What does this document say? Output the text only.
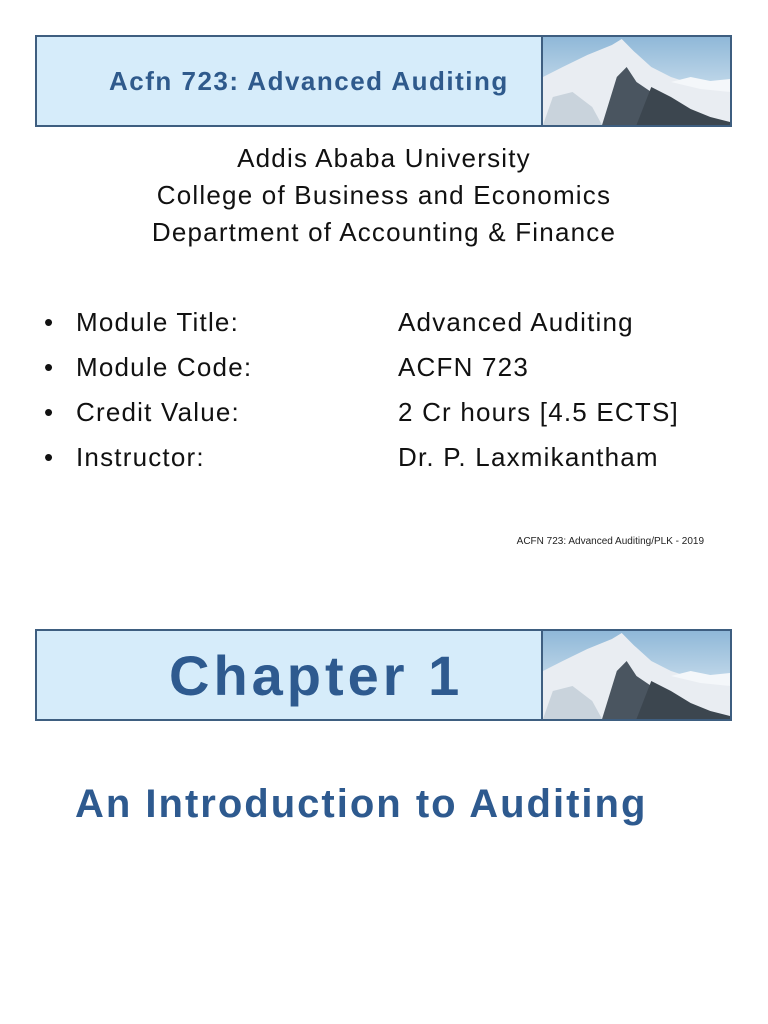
Acfn 723: Advanced Auditing
Addis Ababa University
College of Business and Economics
Department of Accounting & Finance
• Module Title:	Advanced Auditing
• Module Code:	ACFN 723
• Credit Value:	2 Cr hours [4.5 ECTS]
• Instructor:	Dr. P. Laxmikantham
ACFN 723: Advanced Auditing/PLK - 2019
Chapter 1
An Introduction to Auditing
